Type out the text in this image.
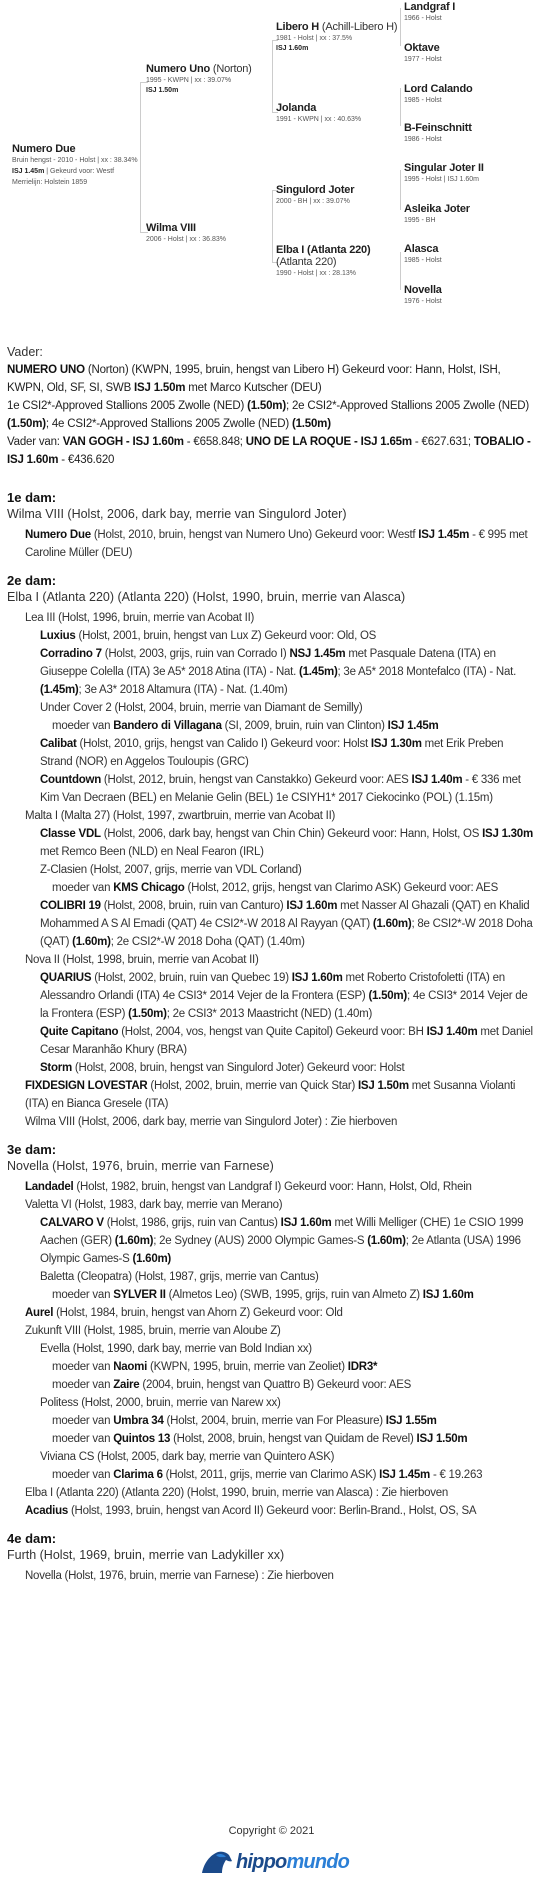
Numero Due
Bruin hengst - 2010 - Holst | xx : 38.34%
ISJ 1.45m | Gekeurd voor: Westf
Merrielijn: Holstein 1859
Numero Uno (Norton)
1995 - KWPN | xx : 39.07%
ISJ 1.50m
Wilma VIII
2006 - Holst | xx : 36.83%
Libero H (Achill-Libero H)
1981 - Holst | xx : 37.5%
ISJ 1.60m
Jolanda
1991 - KWPN | xx : 40.63%
Singulord Joter
2000 - BH | xx : 39.07%
Elba I (Atlanta 220)
(Atlanta 220)
1990 - Holst | xx : 28.13%
Landgraf I
1966 - Holst
Oktave
1977 - Holst
Lord Calando
1985 - Holst
B-Feinschnitt
1986 - Holst
Singular Joter II
1995 - Holst | ISJ 1.60m
Asleika Joter
1995 - BH
Alasca
1985 - Holst
Novella
1976 - Holst
Vader:
NUMERO UNO (Norton) (KWPN, 1995, bruin, hengst van Libero H) Gekeurd voor: Hann, Holst, ISH, KWPN, Old, SF, SI, SWB ISJ 1.50m met Marco Kutscher (DEU)
1e CSI2*-Approved Stallions 2005 Zwolle (NED) (1.50m); 2e CSI2*-Approved Stallions 2005 Zwolle (NED) (1.50m); 4e CSI2*-Approved Stallions 2005 Zwolle (NED) (1.50m)
Vader van: VAN GOGH - ISJ 1.60m - €658.848; UNO DE LA ROQUE - ISJ 1.65m - €627.631; TOBALIO - ISJ 1.60m - €436.620
1e dam:
Wilma VIII (Holst, 2006, dark bay, merrie van Singulord Joter)
Numero Due (Holst, 2010, bruin, hengst van Numero Uno) Gekeurd voor: Westf ISJ 1.45m - € 995 met Caroline Müller (DEU)
2e dam:
Elba I (Atlanta 220) (Atlanta 220) (Holst, 1990, bruin, merrie van Alasca)
Lea III (Holst, 1996, bruin, merrie van Acobat II)
Luxius (Holst, 2001, bruin, hengst van Lux Z) Gekeurd voor: Old, OS
Corradino 7 (Holst, 2003, grijs, ruin van Corrado I) NSJ 1.45m met Pasquale Datena (ITA) en Giuseppe Colella (ITA) 3e A5* 2018 Atina (ITA) - Nat. (1.45m); 3e A5* 2018 Montefalco (ITA) - Nat. (1.45m); 3e A3* 2018 Altamura (ITA) - Nat. (1.40m)
Under Cover 2 (Holst, 2004, bruin, merrie van Diamant de Semilly)
moeder van Bandero di Villagana (SI, 2009, bruin, ruin van Clinton) ISJ 1.45m
Calibat (Holst, 2010, grijs, hengst van Calido I) Gekeurd voor: Holst ISJ 1.30m met Erik Preben Strand (NOR) en Aggelos Touloupis (GRC)
Countdown (Holst, 2012, bruin, hengst van Canstakko) Gekeurd voor: AES ISJ 1.40m - € 336 met Kim Van Decraen (BEL) en Melanie Gelin (BEL) 1e CSIYH1* 2017 Ciekocinko (POL) (1.15m)
Malta I (Malta 27) (Holst, 1997, zwartbruin, merrie van Acobat II)
Classe VDL (Holst, 2006, dark bay, hengst van Chin Chin) Gekeurd voor: Hann, Holst, OS ISJ 1.30m met Remco Been (NLD) en Neal Fearon (IRL)
Z-Clasien (Holst, 2007, grijs, merrie van VDL Corland)
moeder van KMS Chicago (Holst, 2012, grijs, hengst van Clarimo ASK) Gekeurd voor: AES
COLIBRI 19 (Holst, 2008, bruin, ruin van Canturo) ISJ 1.60m met Nasser Al Ghazali (QAT) en Khalid Mohammed A S Al Emadi (QAT) 4e CSI2*-W 2018 Al Rayyan (QAT) (1.60m); 8e CSI2*-W 2018 Doha (QAT) (1.60m); 2e CSI2*-W 2018 Doha (QAT) (1.40m)
Nova II (Holst, 1998, bruin, merrie van Acobat II)
QUARIUS (Holst, 2002, bruin, ruin van Quebec 19) ISJ 1.60m met Roberto Cristofoletti (ITA) en Alessandro Orlandi (ITA) 4e CSI3* 2014 Vejer de la Frontera (ESP) (1.50m); 4e CSI3* 2014 Vejer de la Frontera (ESP) (1.50m); 2e CSI3* 2013 Maastricht (NED) (1.40m)
Quite Capitano (Holst, 2004, vos, hengst van Quite Capitol) Gekeurd voor: BH ISJ 1.40m met Daniel Cesar Maranhão Khury (BRA)
Storm (Holst, 2008, bruin, hengst van Singulord Joter) Gekeurd voor: Holst
FIXDESIGN LOVESTAR (Holst, 2002, bruin, merrie van Quick Star) ISJ 1.50m met Susanna Violanti (ITA) en Bianca Gresele (ITA)
Wilma VIII (Holst, 2006, dark bay, merrie van Singulord Joter) : Zie hierboven
3e dam:
Novella (Holst, 1976, bruin, merrie van Farnese)
Landadel (Holst, 1982, bruin, hengst van Landgraf I) Gekeurd voor: Hann, Holst, Old, Rhein
Valetta VI (Holst, 1983, dark bay, merrie van Merano)
CALVARO V (Holst, 1986, grijs, ruin van Cantus) ISJ 1.60m met Willi Melliger (CHE) 1e CSIO 1999 Aachen (GER) (1.60m); 2e Sydney (AUS) 2000 Olympic Games-S (1.60m); 2e Atlanta (USA) 1996 Olympic Games-S (1.60m)
Baletta (Cleopatra) (Holst, 1987, grijs, merrie van Cantus)
moeder van SYLVER II (Almetos Leo) (SWB, 1995, grijs, ruin van Almeto Z) ISJ 1.60m
Aurel (Holst, 1984, bruin, hengst van Ahorn Z) Gekeurd voor: Old
Zukunft VIII (Holst, 1985, bruin, merrie van Aloube Z)
Evella (Holst, 1990, dark bay, merrie van Bold Indian xx)
moeder van Naomi (KWPN, 1995, bruin, merrie van Zeoliet) IDR3*
moeder van Zaire (2004, bruin, hengst van Quattro B) Gekeurd voor: AES
Politess (Holst, 2000, bruin, merrie van Narew xx)
moeder van Umbra 34 (Holst, 2004, bruin, merrie van For Pleasure) ISJ 1.55m
moeder van Quintos 13 (Holst, 2008, bruin, hengst van Quidam de Revel) ISJ 1.50m
Viviana CS (Holst, 2005, dark bay, merrie van Quintero ASK)
moeder van Clarima 6 (Holst, 2011, grijs, merrie van Clarimo ASK) ISJ 1.45m - € 19.263
Elba I (Atlanta 220) (Atlanta 220) (Holst, 1990, bruin, merrie van Alasca) : Zie hierboven
Acadius (Holst, 1993, bruin, hengst van Acord II) Gekeurd voor: Berlin-Brand., Holst, OS, SA
4e dam:
Furth (Holst, 1969, bruin, merrie van Ladykiller xx)
Novella (Holst, 1976, bruin, merrie van Farnese) : Zie hierboven
Copyright © 2021
hippomundo
